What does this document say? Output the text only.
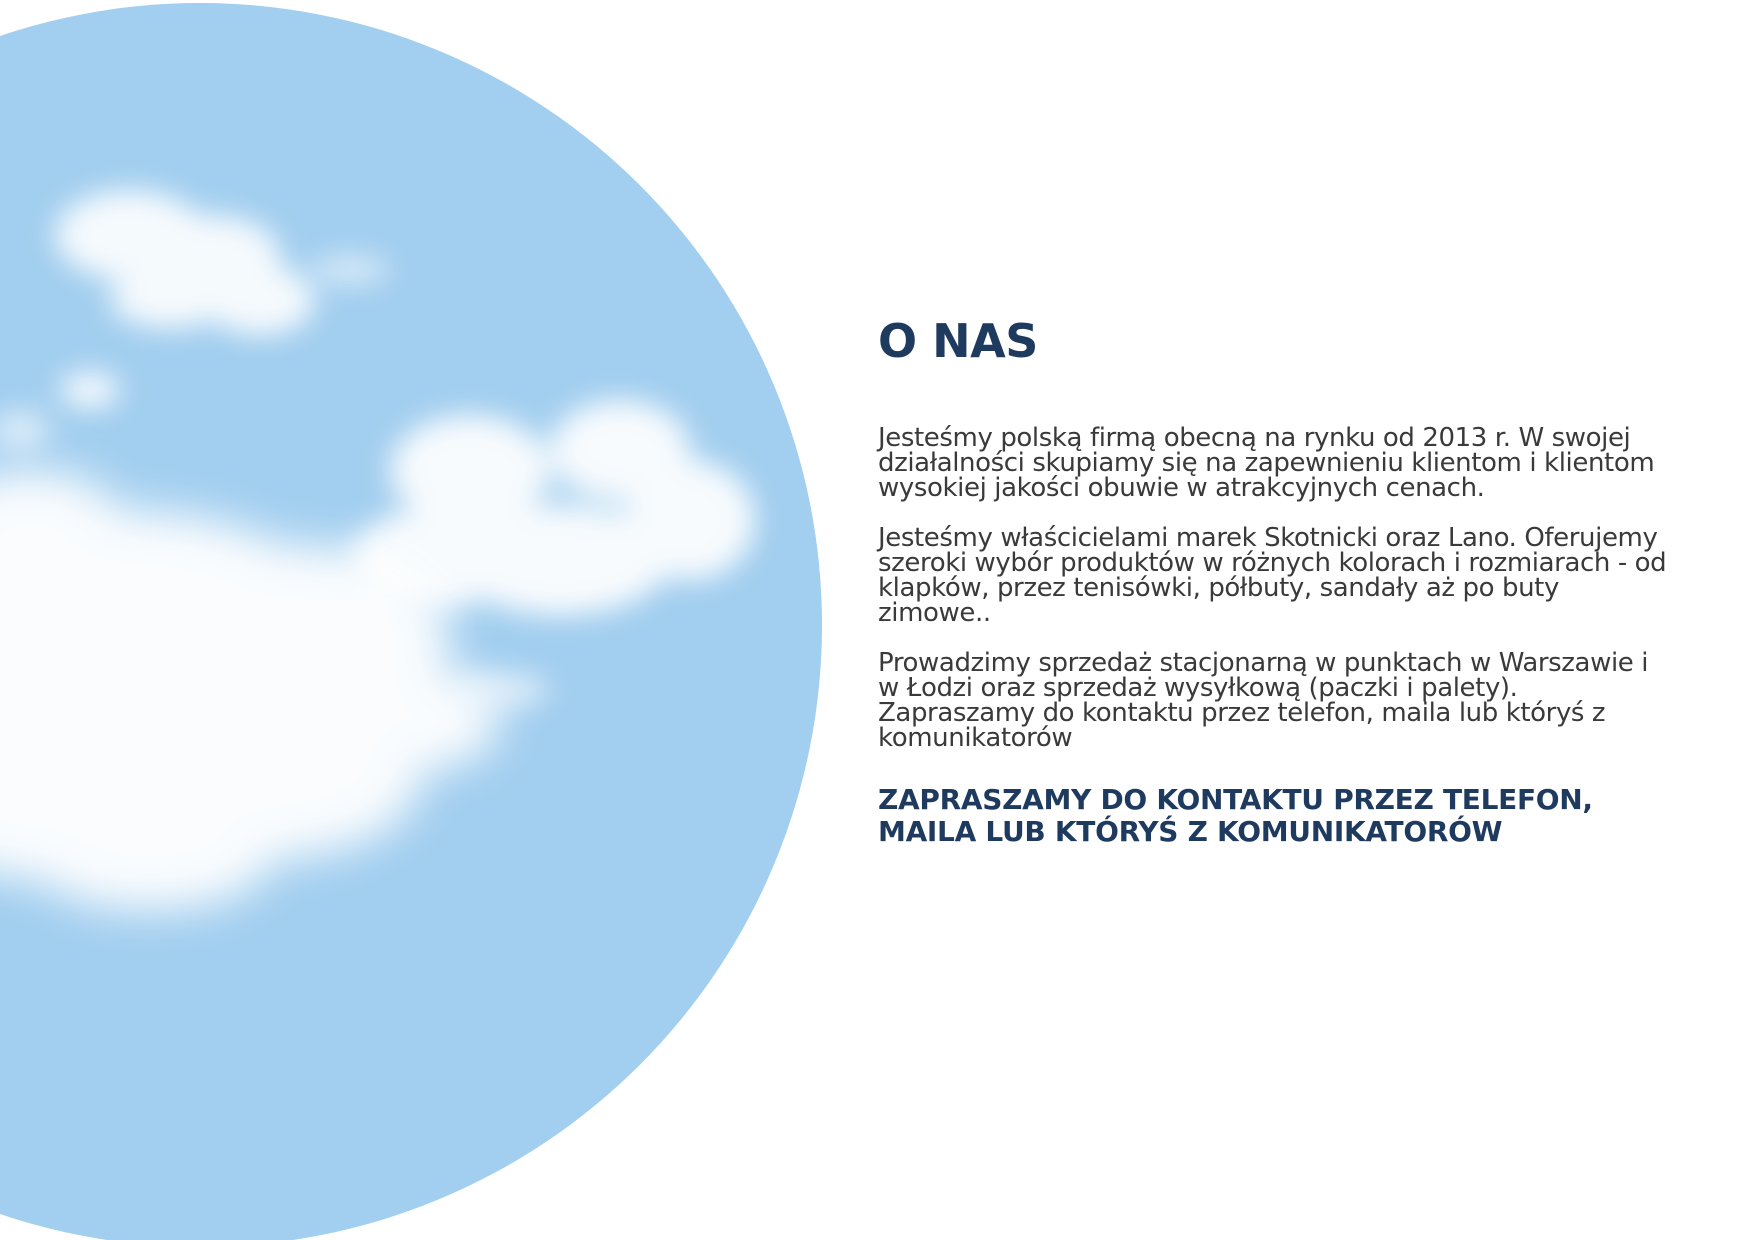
O NAS

Jesteśmy polską firmą obecną na rynku od 2013 r. W swojej działalności skupiamy się na zapewnieniu klientom i klientom wysokiej jakości obuwie w atrakcyjnych cenach.

Jesteśmy właścicielami marek Skotnicki oraz Lano. Oferujemy szeroki wybór produktów w różnych kolorach i rozmiarach - od klapków, przez tenisówki, półbuty, sandały aż po buty zimowe..

Prowadzimy sprzedaż stacjonarną w punktach w Warszawie i w Łodzi oraz sprzedaż wysyłkową (paczki i palety). Zapraszamy do kontaktu przez telefon, maila lub któryś z komunikatorów

ZAPRASZAMY DO KONTAKTU PRZEZ TELEFON, MAILA LUB KTÓRYŚ Z KOMUNIKATORÓW
